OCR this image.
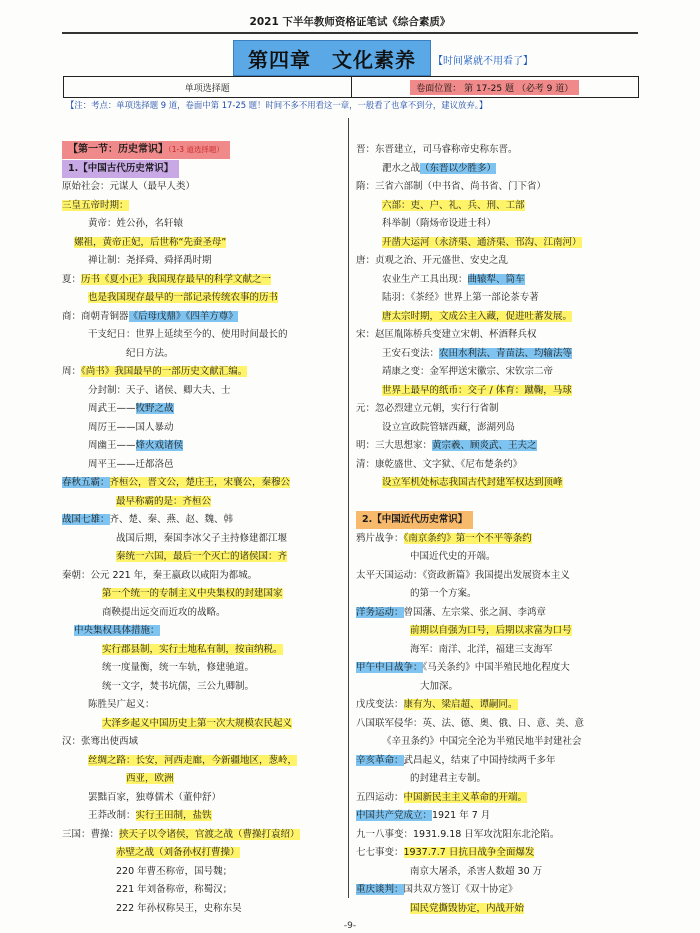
2021 下半年教师资格证笔试《综合素质》
第四章　文化素养	【时间紧就不用看了】
单项选择题	卷面位置： 第 17-25 题 （必考 9 道）
【注：考点：单项选择题 9 道，卷面中第 17-25 题！时间不多不用看这一章，一般看了也拿不到分，建议放弃。】
【第一节：历史常识】（1-3 道选择题）
1.【中国古代历史常识】
原始社会：元谋人（最早人类）
三皇五帝时期：
黄帝：姓公孙，名轩辕
嫘祖，黄帝正妃，后世称“先蚕圣母”
禅让制：尧择舜、舜择禹时期
夏：历书《夏小正》我国现存最早的科学文献之一
也是我国现存最早的一部记录传统农事的历书
商：商朝青铜器《后母戊鼎》《四羊方尊》
干支纪日：世界上延续至今的、使用时间最长的
纪日方法。
周：《尚书》我国最早的一部历史文献汇编。
分封制：天子、诸侯、卿大夫、士
周武王——牧野之战
周厉王——国人暴动
周幽王——烽火戏诸侯
周平王——迁都洛邑
春秋五霸：齐桓公，晋文公，楚庄王，宋襄公，秦穆公
最早称霸的是：齐桓公
战国七雄：齐、楚、秦、燕、赵、魏、韩
战国后期，秦国李冰父子主持修建都江堰
秦统一六国，最后一个灭亡的诸侯国：齐
秦朝：公元 221 年，秦王嬴政以咸阳为都城。
第一个统一的专制主义中央集权的封建国家
商鞅提出远交而近攻的战略。
中央集权具体措施：
实行郡县制，实行土地私有制，按亩纳税。
统一度量衡，统一车轨，修建驰道。
统一文字，焚书坑儒，三公九卿制。
陈胜吴广起义：
大泽乡起义中国历史上第一次大规模农民起义
汉：张骞出使西域
丝绸之路：长安，河西走廊，今新疆地区，葱岭，
西亚，欧洲
罢黜百家，独尊儒术（董仲舒）
王莽改制：实行王田制，盐铁
三国：曹操：挟天子以令诸侯，官渡之战（曹操打袁绍）
赤壁之战（刘备孙权打曹操）
220 年曹丕称帝，国号魏；
221 年刘备称帝，称蜀汉；
222 年孙权称吴王，史称东吴
晋：东晋建立，司马睿称帝史称东晋。
淝水之战（东晋以少胜多）
隋：三省六部制（中书省、尚书省、门下省）
六部：吏、户、礼、兵、刑、工部
科举制（隋炀帝设进士科）
开凿大运河（永济渠、通济渠、邗沟、江南河）
唐：贞观之治、开元盛世、安史之乱
农业生产工具出现：曲辕犁、筒车
陆羽：《茶经》世界上第一部论茶专著
唐太宗时期，文成公主入藏，促进吐蕃发展。
宋：赵匡胤陈桥兵变建立宋朝、杯酒释兵权
王安石变法：农田水利法、青苗法、均输法等
靖康之变：金军押送宋徽宗、宋钦宗二帝
世界上最早的纸币：交子 / 体育：蹴鞠，马球
元：忽必烈建立元朝，实行行省制
设立宣政院管辖西藏，澎湖列岛
明：三大思想家：黄宗羲、顾炎武、王夫之
清：康乾盛世、文字狱、《尼布楚条约》
设立军机处标志我国古代封建军权达到顶峰
2.【中国近代历史常识】
鸦片战争：《南京条约》第一个不平等条约
中国近代史的开端。
太平天国运动：《资政新篇》我国提出发展资本主义
的第一个方案。
洋务运动：曾国藩、左宗棠、张之洞、李鸿章
前期以自强为口号，后期以求富为口号
海军：南洋、北洋，福建三支海军
甲午中日战争：《马关条约》中国半殖民地化程度大
大加深。
戊戌变法：康有为、梁启超、谭嗣同。
八国联军侵华：英、法、德、奥、俄、日、意、美、意
《辛丑条约》中国完全沦为半殖民地半封建社会
辛亥革命：武昌起义，结束了中国持续两千多年
的封建君主专制。
五四运动：中国新民主主义革命的开端。
中国共产党成立：1921 年 7 月
九一八事变：1931.9.18 日军攻沈阳东北沦陷。
七七事变：1937.7.7 日抗日战争全面爆发
南京大屠杀，杀害人数超 30 万
重庆谈判：国共双方签订《双十协定》
国民党撕毁协定，内战开始
-9-
